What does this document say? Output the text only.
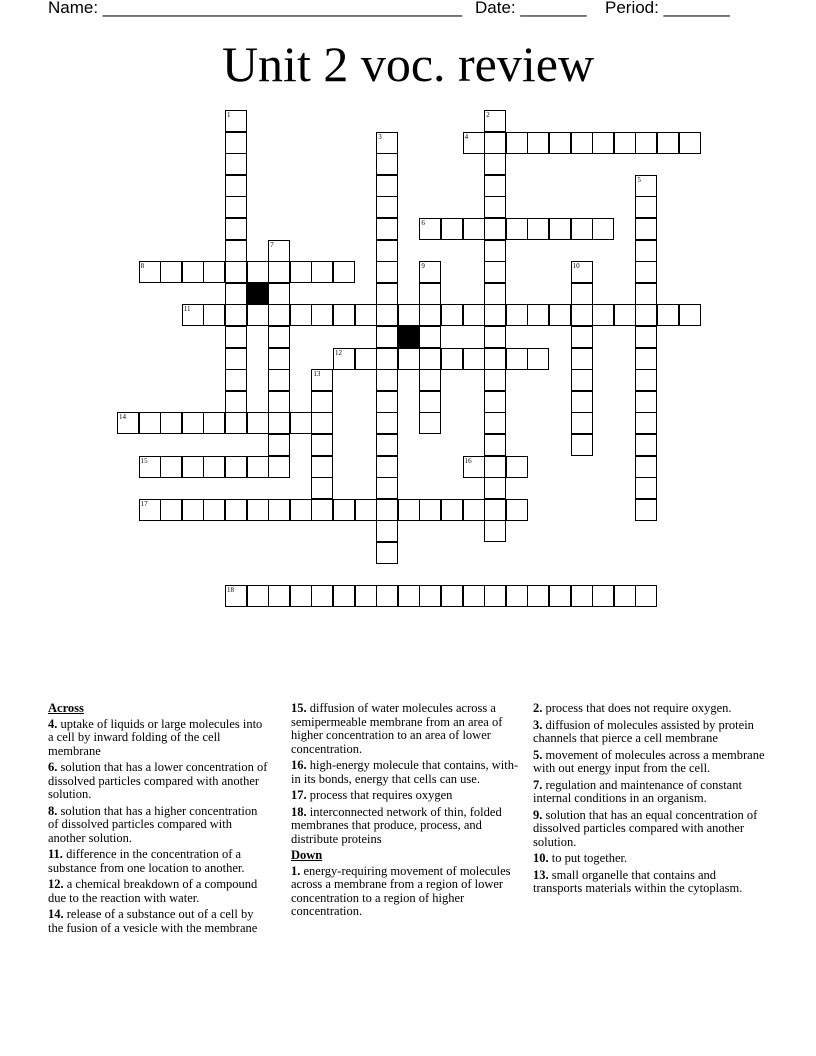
Name: ______________________________________

Date: _______

Period: _______

Unit 2 voc. review
4
6
8
11
12
14
15	16
17
18
1	2
3
5
7
9	10
13
Across
4. uptake of liquids or large molecules into a cell by inward folding of the cell membrane
6. solution that has a lower concentration of dissolved particles compared with another solution.
8. solution that has a higher concentration of dissolved particles compared with another solution.
11. difference in the concentration of a substance from one location to another.
12. a chemical breakdown of a compound due to the reaction with water.
14. release of a substance out of a cell by the fusion of a vesicle with the membrane
15. diffusion of water molecules across a semipermeable membrane from an area of higher concentration to an area of lower concentration.
16. high-energy molecule that contains, with-in its bonds, energy that cells can use.
17. process that requires oxygen
18. interconnected network of thin, folded membranes that produce, process, and distribute proteins
Down
1. energy-requiring movement of molecules across a membrane from a region of lower concentration to a region of higher concentration.
2. process that does not require oxygen.
3. diffusion of molecules assisted by protein channels that pierce a cell membrane
5. movement of molecules across a membrane with out energy input from the cell.
7. regulation and maintenance of constant internal conditions in an organism.
9. solution that has an equal concentration of dissolved particles compared with another solution.
10. to put together.
13. small organelle that contains and transports materials within the cytoplasm.
